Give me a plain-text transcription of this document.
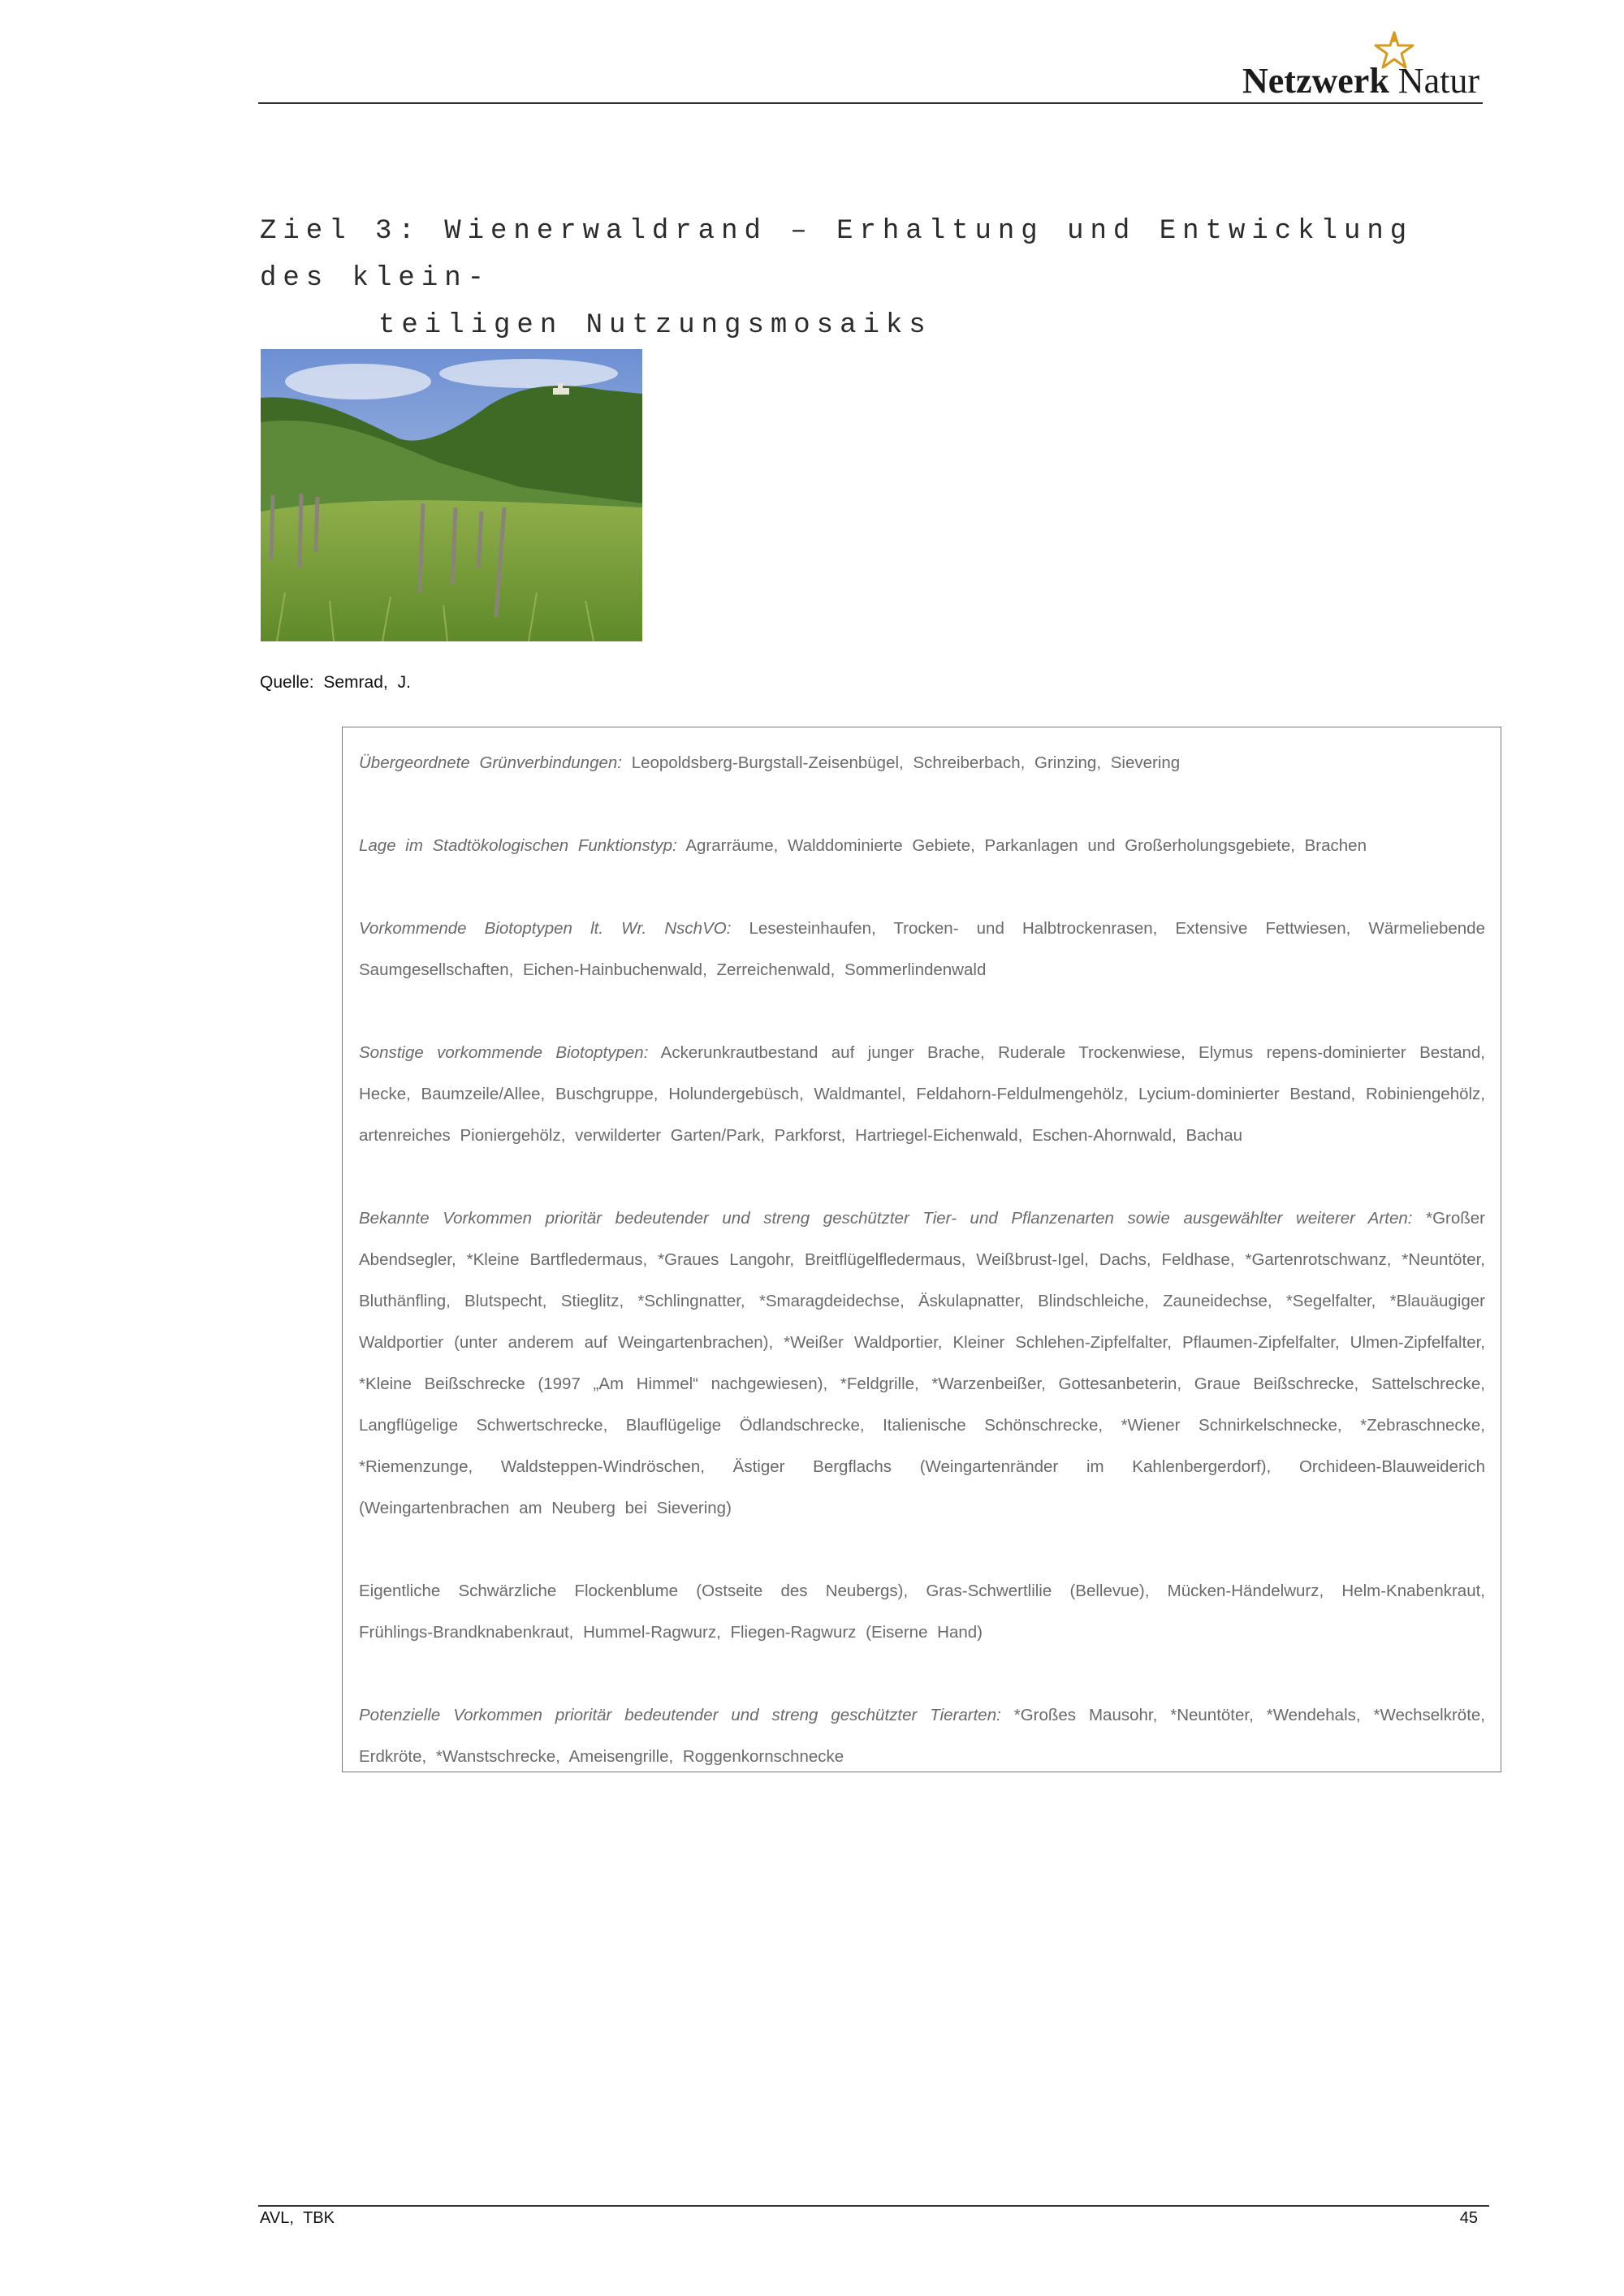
Netzwerk Natur
Ziel 3: Wienerwaldrand – Erhaltung und Entwicklung des klein-
teiligen Nutzungsmosaiks
Quelle: Semrad, J.

Übergeordnete Grünverbindungen: Leopoldsberg-Burgstall-Zeisenbügel, Schreiberbach, Grinzing, Sievering

Lage im Stadtökologischen Funktionstyp: Agrarräume, Walddominierte Gebiete, Parkanlagen und Großerholungsgebiete, Brachen

Vorkommende Biotoptypen lt. Wr. NschVO: Lesesteinhaufen, Trocken- und Halbtrockenrasen, Extensive Fettwiesen, Wärmeliebende Saumgesellschaften, Eichen-Hainbuchenwald, Zerreichenwald, Sommerlindenwald

Sonstige vorkommende Biotoptypen: Ackerunkrautbestand auf junger Brache, Ruderale Trockenwiese, Elymus repens-dominierter Bestand, Hecke, Baumzeile/Allee, Buschgruppe, Holundergebüsch, Waldmantel, Feldahorn-Feldulmengehölz, Lycium-dominierter Bestand, Robiniengehölz, artenreiches Pioniergehölz, verwilderter Garten/Park, Parkforst, Hartriegel-Eichenwald, Eschen-Ahornwald, Bachau

Bekannte Vorkommen prioritär bedeutender und streng geschützter Tier- und Pflanzenarten sowie ausgewählter weiterer Arten: *Großer Abendsegler, *Kleine Bartfledermaus, *Graues Langohr, Breitflügelfledermaus, Weißbrust-Igel, Dachs, Feldhase, *Gartenrotschwanz, *Neuntöter, Bluthänfling, Blutspecht, Stieglitz, *Schlingnatter, *Smaragdeidechse, Äskulapnatter, Blindschleiche, Zauneidechse, *Segelfalter, *Blauäugiger Waldportier (unter anderem auf Weingartenbrachen), *Weißer Waldportier, Kleiner Schlehen-Zipfelfalter, Pflaumen-Zipfelfalter, Ulmen-Zipfelfalter, *Kleine Beißschrecke (1997 „Am Himmel“ nachgewiesen), *Feldgrille, *Warzenbeißer, Gottesanbeterin, Graue Beißschrecke, Sattelschrecke, Langflügelige Schwertschrecke, Blauflügelige Ödlandschrecke, Italienische Schönschrecke, *Wiener Schnirkelschnecke, *Zebraschnecke, *Riemenzunge, Waldsteppen-Windröschen, Ästiger Bergflachs (Weingartenränder im Kahlenbergerdorf), Orchideen-Blauweiderich (Weingartenbrachen am Neuberg bei Sievering)

Eigentliche Schwärzliche Flockenblume (Ostseite des Neubergs), Gras-Schwertlilie (Bellevue), Mücken-Händelwurz, Helm-Knabenkraut, Frühlings-Brandknabenkraut, Hummel-Ragwurz, Fliegen-Ragwurz (Eiserne Hand)

Potenzielle Vorkommen prioritär bedeutender und streng geschützter Tierarten: *Großes Mausohr, *Neuntöter, *Wendehals, *Wechselkröte, Erdkröte, *Wanstschrecke, Ameisengrille, Roggenkornschnecke

AVL, TBK	45
